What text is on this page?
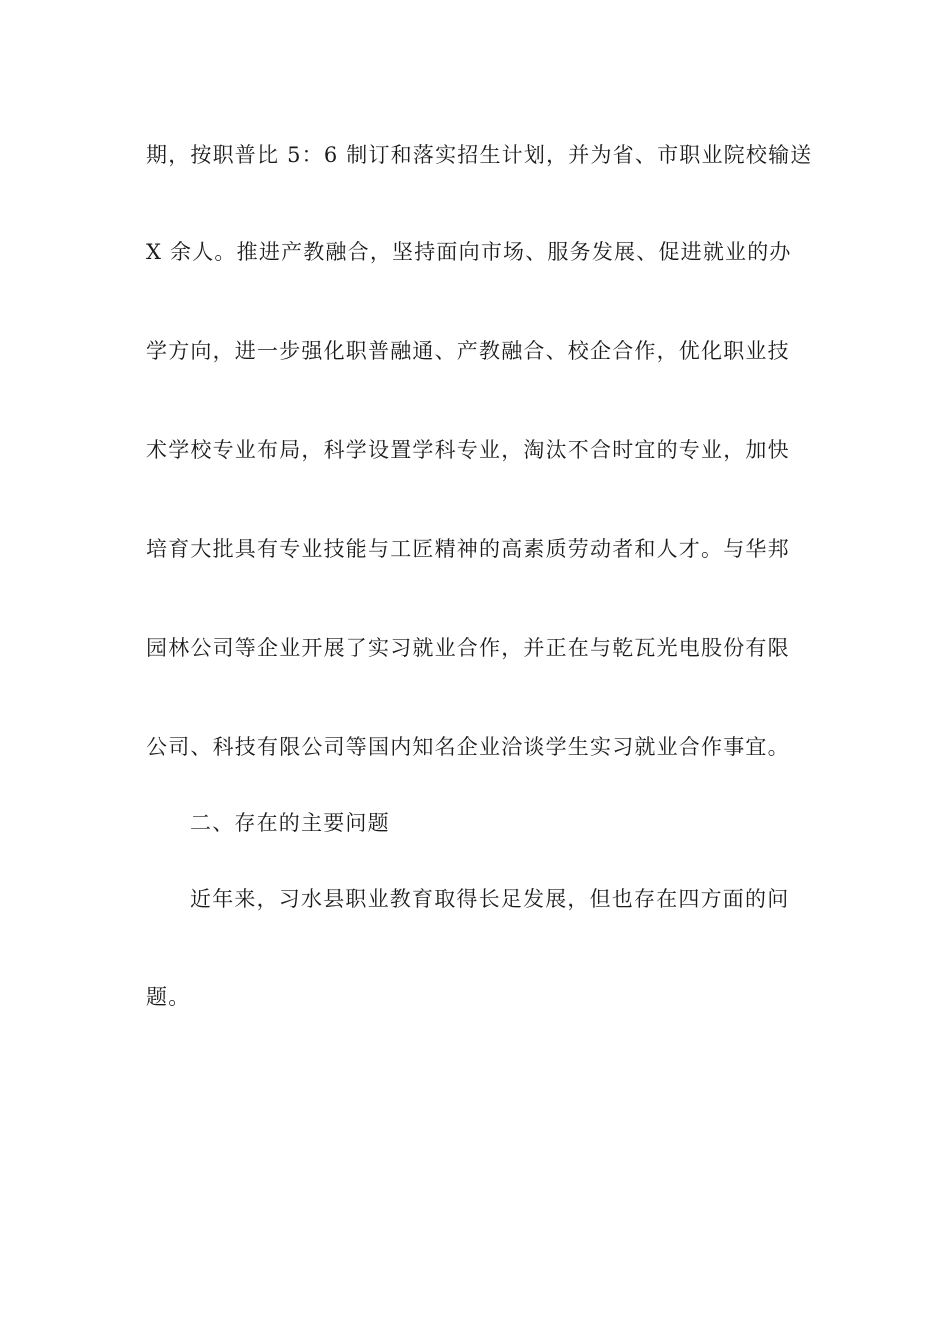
期，按职普比 5：6 制订和落实招生计划，并为省、市职业院校输送
X 余人。推进产教融合，坚持面向市场、服务发展、促进就业的办
学方向，进一步强化职普融通、产教融合、校企合作，优化职业技
术学校专业布局，科学设置学科专业，淘汰不合时宜的专业，加快
培育大批具有专业技能与工匠精神的高素质劳动者和人才。与华邦
园林公司等企业开展了实习就业合作，并正在与乾瓦光电股份有限
公司、科技有限公司等国内知名企业洽谈学生实习就业合作事宜。
二、存在的主要问题
近年来，习水县职业教育取得长足发展，但也存在四方面的问
题。
